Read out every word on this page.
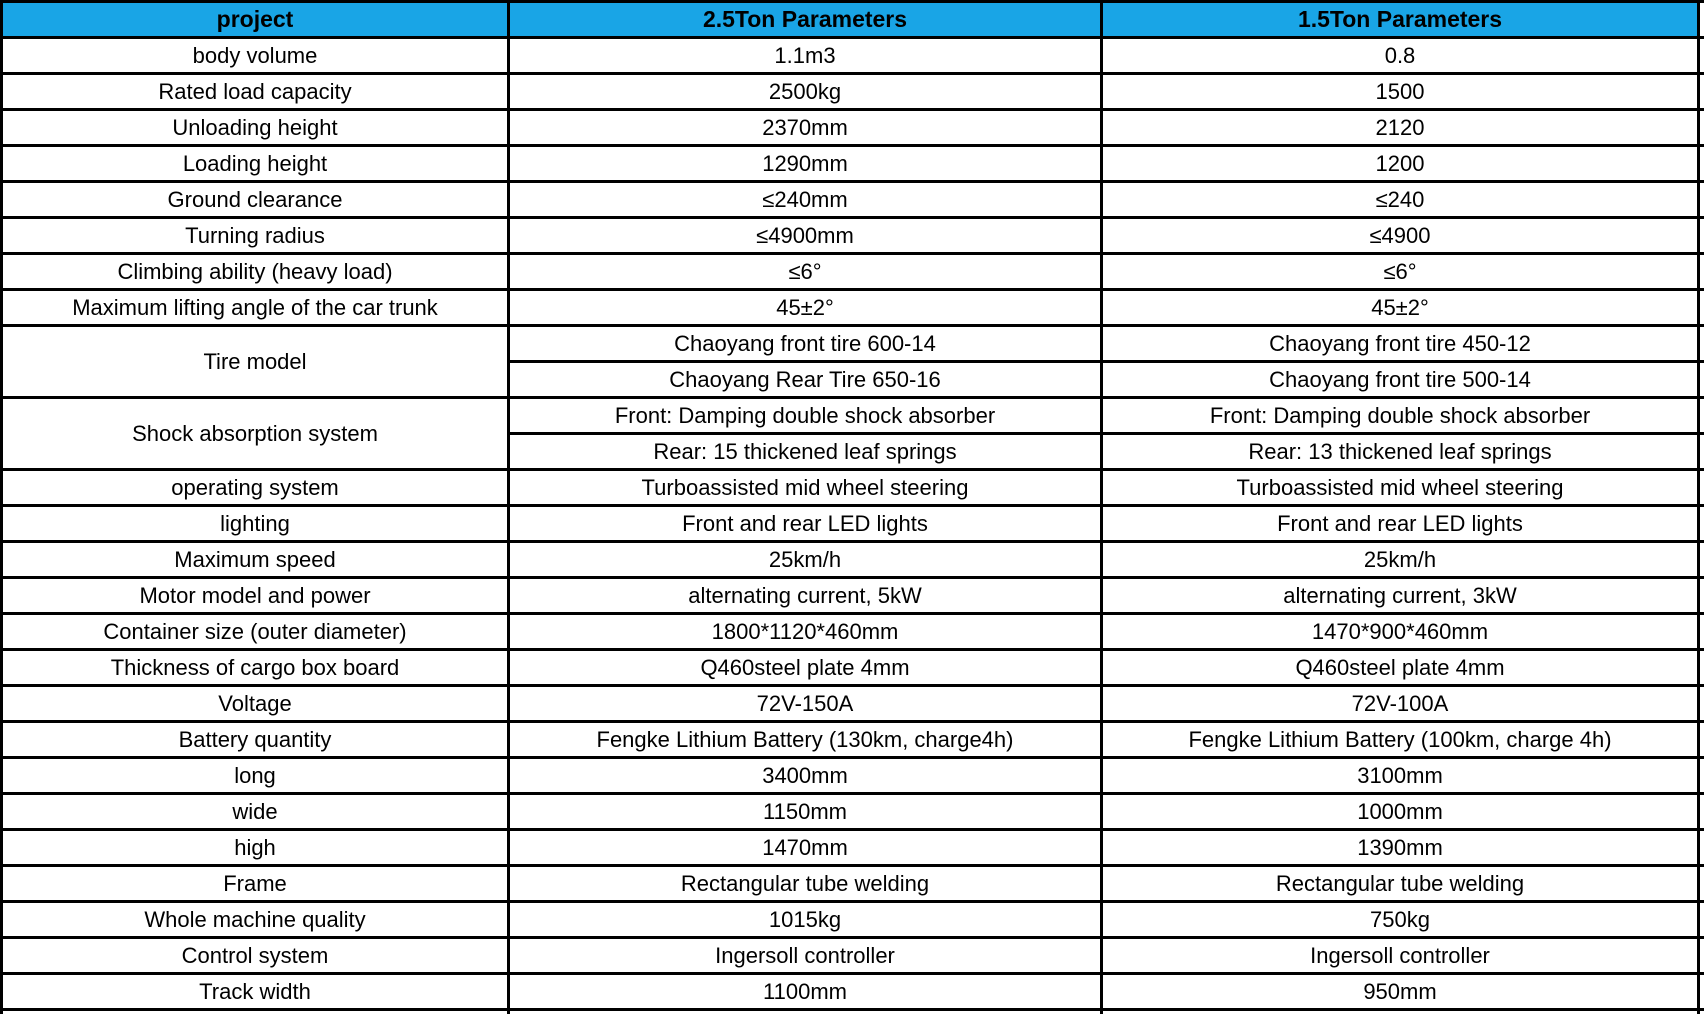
project	2.5Ton Parameters	1.5Ton Parameters
body volume	1.1m3	0.8
Rated load capacity	2500kg	1500
Unloading height	2370mm	2120
Loading height	1290mm	1200
Ground clearance	≤240mm	≤240
Turning radius	≤4900mm	≤4900
Climbing ability (heavy load)	≤6°	≤6°
Maximum lifting angle of the car trunk	45±2°	45±2°
Tire model
Chaoyang front tire 600-14	Chaoyang front tire 450-12
Chaoyang Rear Tire 650-16	Chaoyang front tire 500-14
Shock absorption system
Front: Damping double shock absorber	Front: Damping double shock absorber
Rear: 15 thickened leaf springs	Rear: 13 thickened leaf springs
operating system	Turboassisted mid wheel steering	Turboassisted mid wheel steering
lighting	Front and rear LED lights	Front and rear LED lights
Maximum speed	25km/h	25km/h
Motor model and power	alternating current, 5kW	alternating current, 3kW
Container size (outer diameter)	1800*1120*460mm	1470*900*460mm
Thickness of cargo box board	Q460steel plate 4mm	Q460steel plate 4mm
Voltage	72V-150A	72V-100A
Battery quantity	Fengke Lithium Battery (130km, charge4h)	Fengke Lithium Battery (100km, charge 4h)
long	3400mm	3100mm
wide	1150mm	1000mm
high	1470mm	1390mm
Frame	Rectangular tube welding	Rectangular tube welding
Whole machine quality	1015kg	750kg
Control system	Ingersoll controller	Ingersoll controller
Track width	1100mm	950mm
